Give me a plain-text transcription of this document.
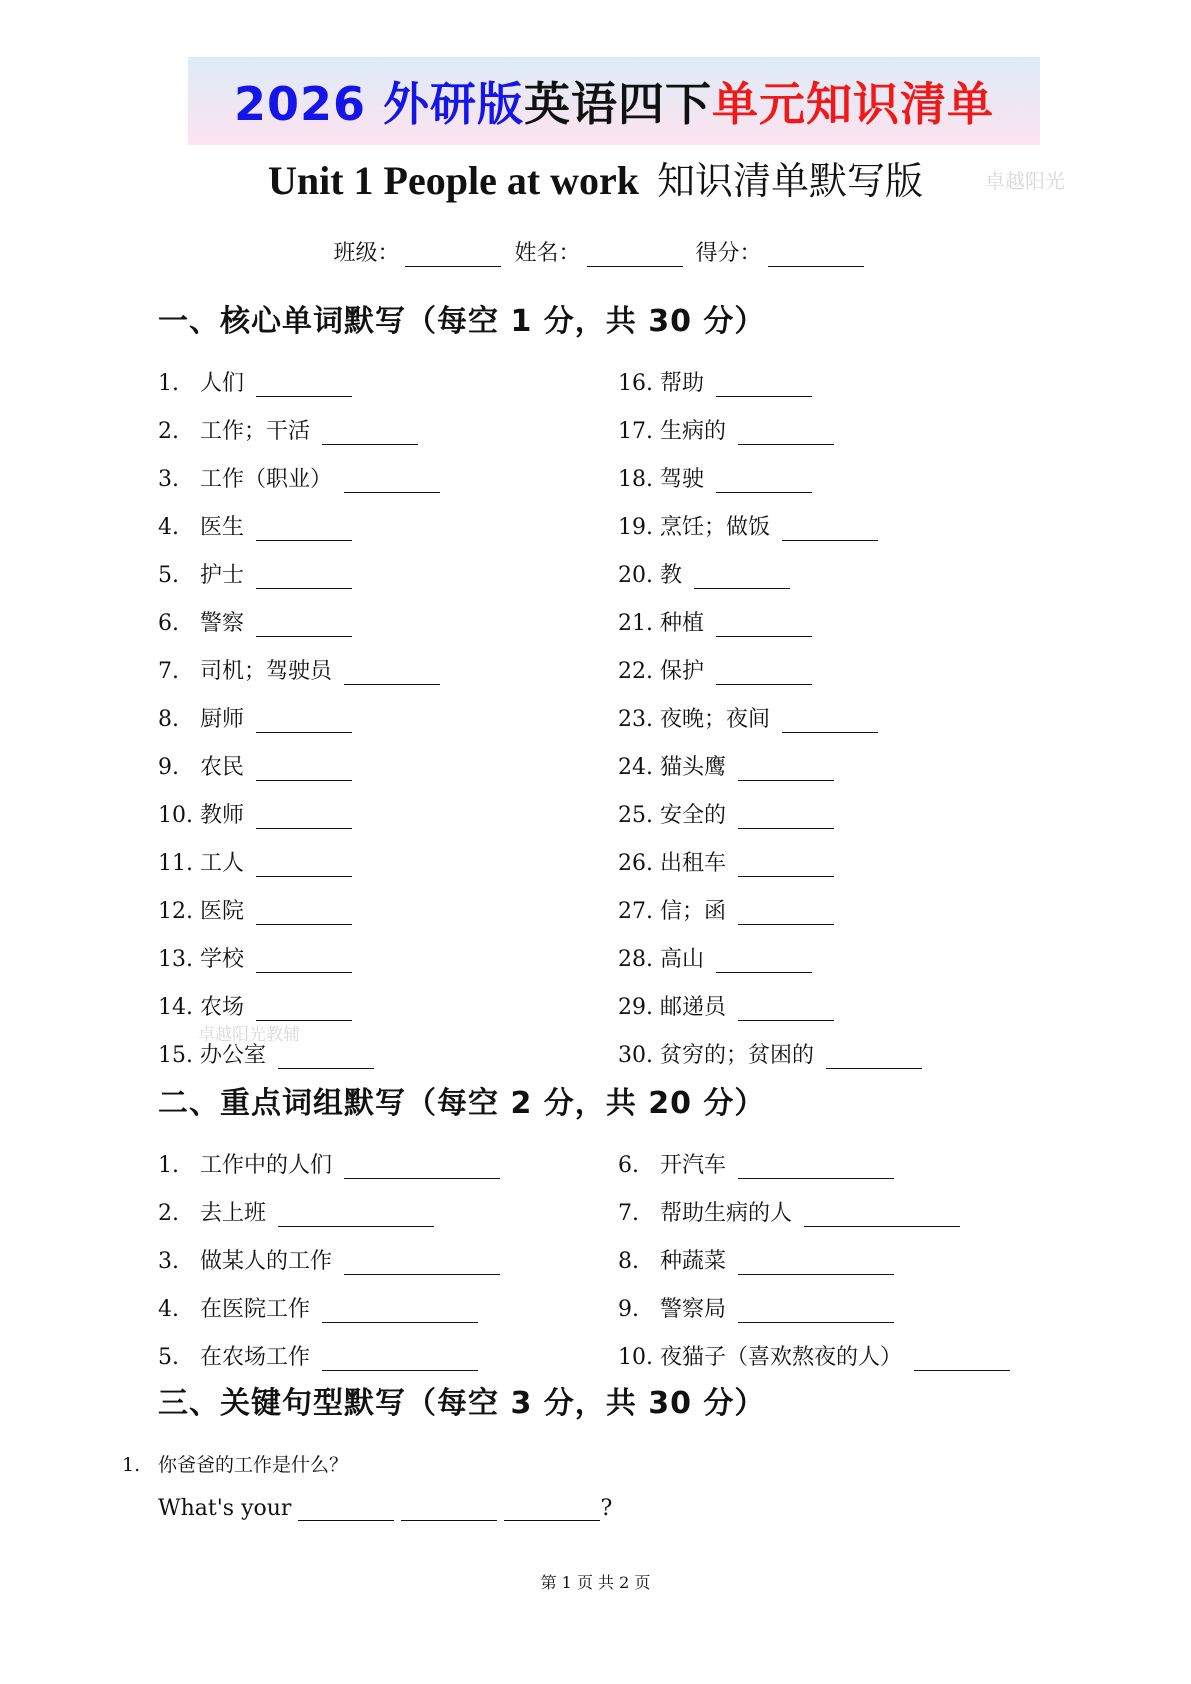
2026 外研版 英语四下 单元知识清单
Unit 1 People at work 知识清单默写版	卓越阳光
卓越阳光教辅
班级：	姓名：	得分：
一、核心单词默写（每空 1 分，共 30 分）
1. 人们
2. 工作；干活
3. 工作（职业）
4. 医生
5. 护士
6. 警察
7. 司机；驾驶员
8. 厨师
9. 农民
10. 教师
11. 工人
12. 医院
13. 学校
14. 农场
15. 办公室
16. 帮助
17. 生病的
18. 驾驶
19. 烹饪；做饭
20. 教
21. 种植
22. 保护
23. 夜晚；夜间
24. 猫头鹰
25. 安全的
26. 出租车
27. 信；函
28. 高山
29. 邮递员
30. 贫穷的；贫困的
二、重点词组默写（每空 2 分，共 20 分）
1. 工作中的人们
2. 去上班
3. 做某人的工作
4. 在医院工作
5. 在农场工作
6. 开汽车
7. 帮助生病的人
8. 种蔬菜
9. 警察局
10. 夜猫子（喜欢熬夜的人）
三、关键句型默写（每空 3 分，共 30 分）
1. 你爸爸的工作是什么？
What's your	?
第 1 页 共 2 页
